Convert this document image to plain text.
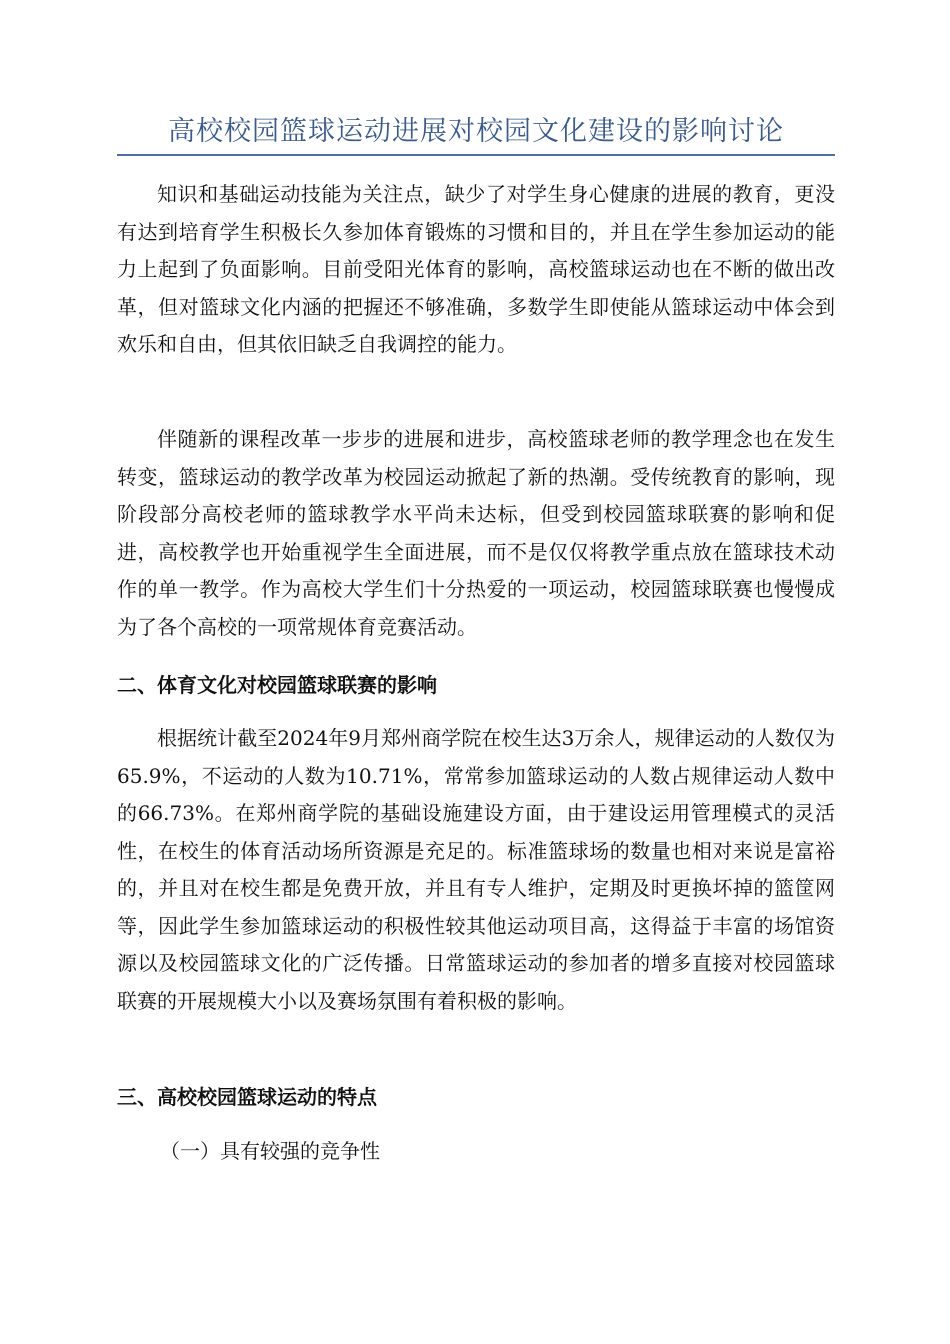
高校校园篮球运动进展对校园文化建设的影响讨论

知识和基础运动技能为关注点，缺少了对学生身心健康的进展的教育，更没有达到培育学生积极长久参加体育锻炼的习惯和目的，并且在学生参加运动的能力上起到了负面影响。目前受阳光体育的影响，高校篮球运动也在不断的做出改革，但对篮球文化内涵的把握还不够准确，多数学生即使能从篮球运动中体会到欢乐和自由，但其依旧缺乏自我调控的能力。

伴随新的课程改革一步步的进展和进步，高校篮球老师的教学理念也在发生转变，篮球运动的教学改革为校园运动掀起了新的热潮。受传统教育的影响，现阶段部分高校老师的篮球教学水平尚未达标，但受到校园篮球联赛的影响和促进，高校教学也开始重视学生全面进展，而不是仅仅将教学重点放在篮球技术动作的单一教学。作为高校大学生们十分热爱的一项运动，校园篮球联赛也慢慢成为了各个高校的一项常规体育竞赛活动。

二、体育文化对校园篮球联赛的影响

根据统计截至2024年9月郑州商学院在校生达3万余人，规律运动的人数仅为65.9%，不运动的人数为10.71%，常常参加篮球运动的人数占规律运动人数中的66.73%。在郑州商学院的基础设施建设方面，由于建设运用管理模式的灵活性，在校生的体育活动场所资源是充足的。标准篮球场的数量也相对来说是富裕的，并且对在校生都是免费开放，并且有专人维护，定期及时更换坏掉的篮筐网等，因此学生参加篮球运动的积极性较其他运动项目高，这得益于丰富的场馆资源以及校园篮球文化的广泛传播。日常篮球运动的参加者的增多直接对校园篮球联赛的开展规模大小以及赛场氛围有着积极的影响。

三、高校校园篮球运动的特点

（一）具有较强的竞争性
